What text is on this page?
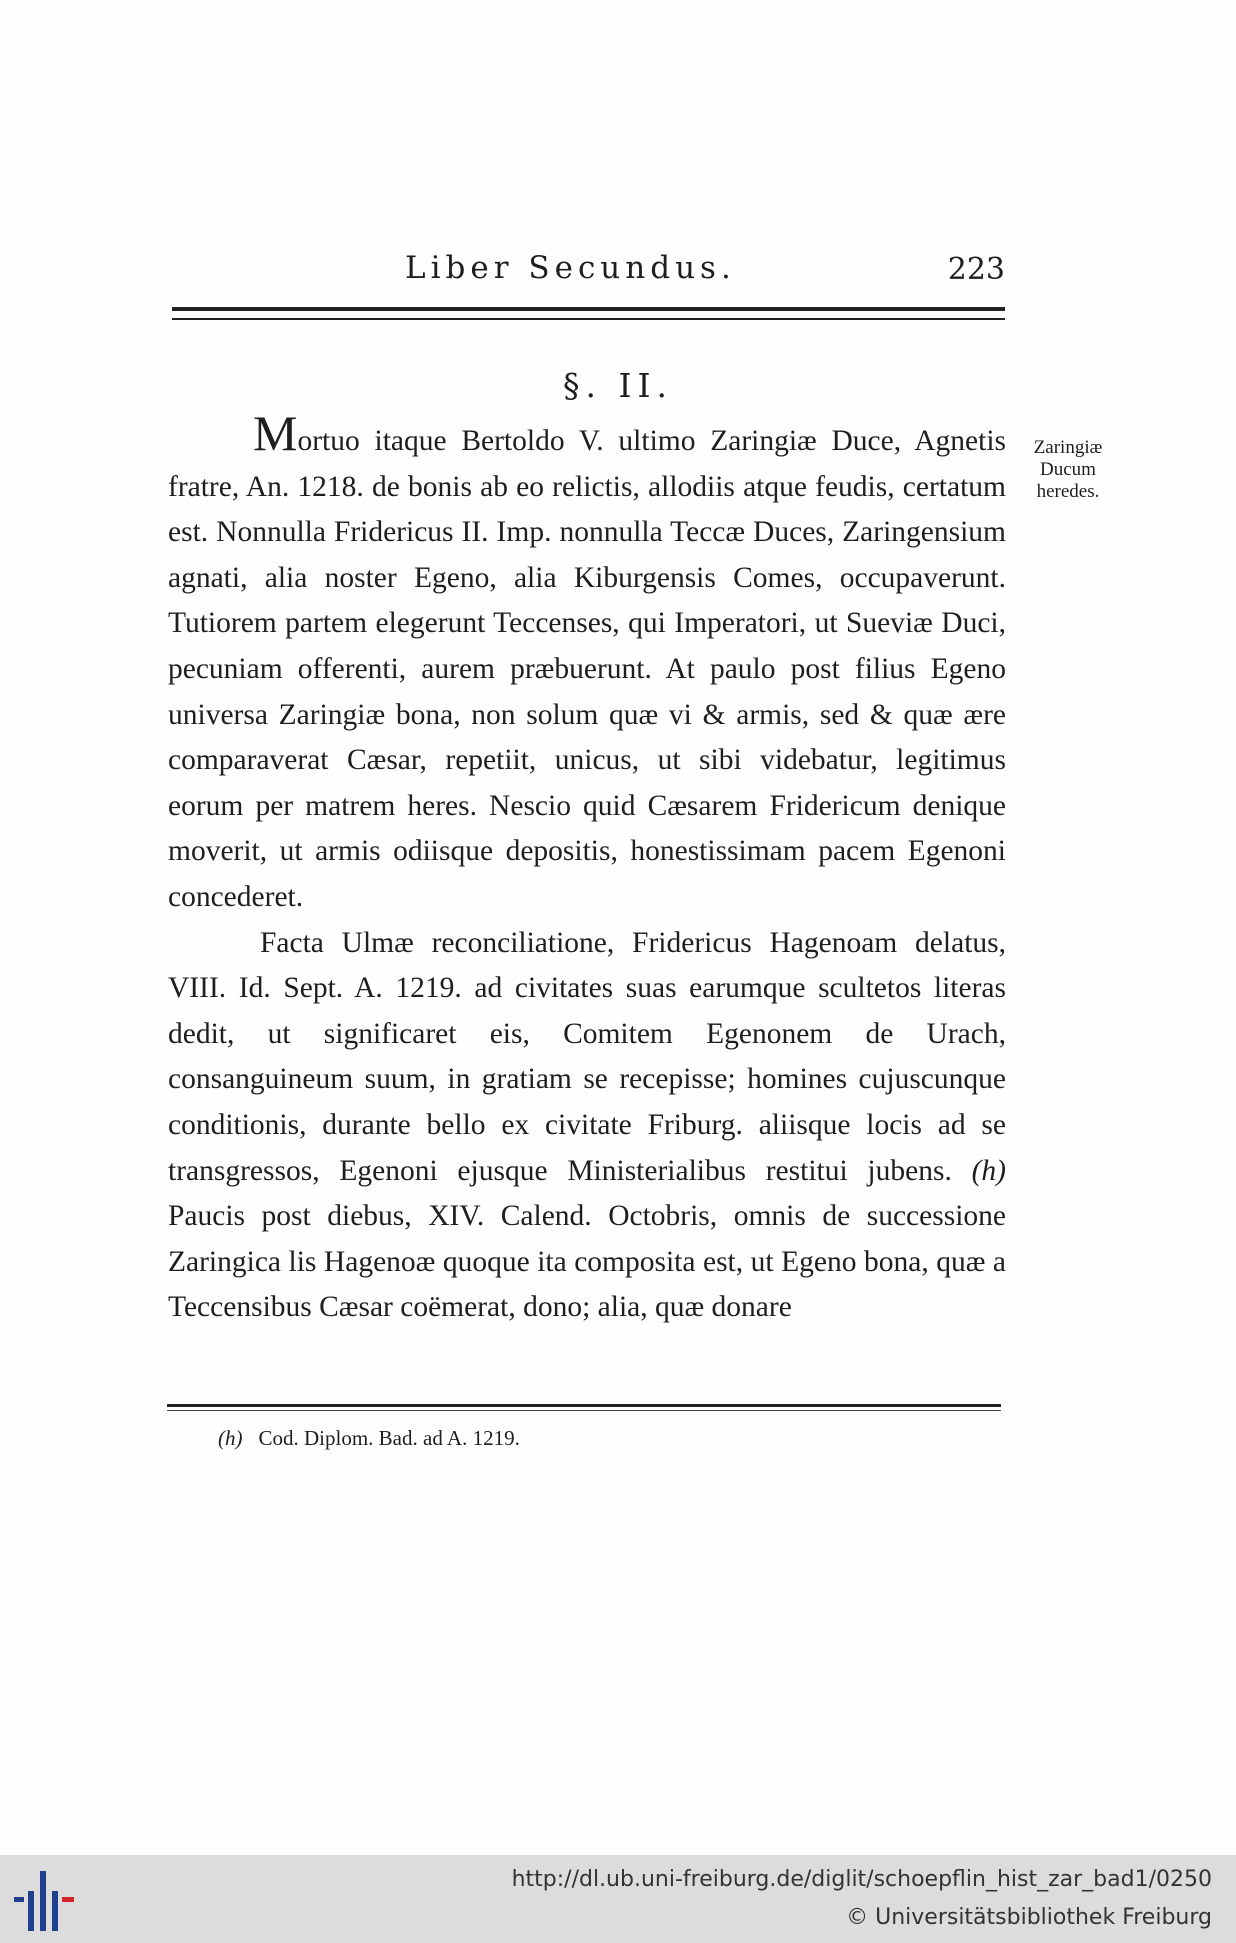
Liber Secundus.	223
§. II.
Zaringiæ
Ducum
heredes.

Mortuo itaque Bertoldo V. ultimo Zaringiæ Duce, Agnetis fratre, An. 1218. de bonis ab eo relictis, allodiis atque feudis, certatum est. Nonnulla Fridericus II. Imp. nonnulla Teccæ Duces, Zaringensium agnati, alia noster Egeno, alia Kiburgensis Comes, occupaverunt. Tutiorem partem elegerunt Teccenses, qui Imperatori, ut Sueviæ Duci, pecuniam offerenti, aurem præbuerunt. At paulo post filius Egeno universa Zaringiæ bona, non solum quæ vi & armis, sed & quæ ære comparaverat Cæsar, repetiit, unicus, ut sibi videbatur, legitimus eorum per matrem heres. Nescio quid Cæsarem Fridericum denique moverit, ut armis odiisque depositis, honestissimam pacem Egenoni concederet.

Facta Ulmæ reconciliatione, Fridericus Hagenoam delatus, VIII. Id. Sept. A. 1219. ad civitates suas earumque scultetos literas dedit, ut significaret eis, Comitem Egenonem de Urach, consanguineum suum, in gratiam se recepisse; homines cujuscunque conditionis, durante bello ex civitate Friburg. aliisque locis ad se transgressos, Egenoni ejusque Ministerialibus restitui jubens. (h) Paucis post diebus, XIV. Calend. Octobris, omnis de successione Zaringica lis Hagenoæ quoque ita composita est, ut Egeno bona, quæ a Teccensibus Cæsar coëmerat, dono; alia, quæ donare

(h) Cod. Diplom. Bad. ad A. 1219.
http://dl.ub.uni-freiburg.de/diglit/schoepflin_hist_zar_bad1/0250
© Universitätsbibliothek Freiburg
